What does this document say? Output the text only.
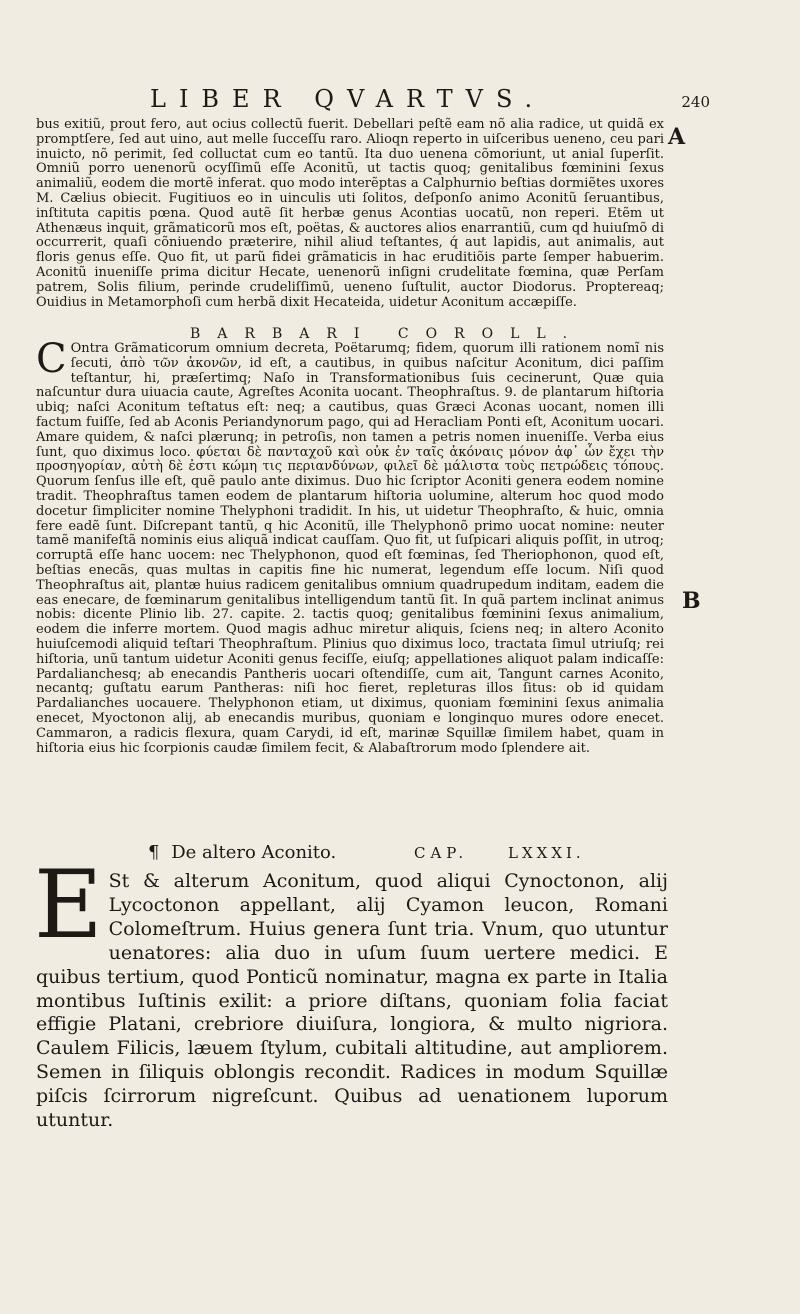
LIBER QVARTVS.	240
A
B

bus exitiũ, prout fero, aut ocius collectũ fuerit. Debellari peſtẽ eam nõ alia radice, ut quidã ex promptſere, ſed aut uino, aut melle ſucceſſu raro. Alioqn reperto in uiſceribus ueneno, ceu pari inuicto, nõ perimit, ſed colluctat cum eo tantũ. Ita duo uenena cõmoriunt, ut anial ſuperſit. Omniũ porro uenenorũ ocyſſimũ eſſe Aconitũ, ut tactis quoq; genitalibus fœminini ſexus animaliũ, eodem die mortẽ inferat. quo modo interẽptas a Calphurnio beſtias dormiẽtes uxores M. Cælius obiecit. Fugitiuos eo in uinculis uti ſolitos, deſponſo animo Aconitũ ſeruantibus, inſtituta capitis pœna. Quod autẽ ſit herbæ genus Acontias uocatũ, non reperi. Etẽm ut Athenæus inquit, grãmaticorũ mos eſt, poëtas, & auctores alios enarrantiũ, cum qd huiuſmõ di occurrerit, quaſi cõniuendo præterire, nihil aliud teſtantes, q́ aut lapidis, aut animalis, aut floris genus eſſe. Quo fit, ut parũ fidei grãmaticis in hac eruditiõis parte ſemper habuerim. Aconitũ inueniſſe prima dicitur Hecate, uenenorũ inſigni crudelitate fœmina, quæ Perſam patrem, Solis filium, perinde crudeliſſimũ, ueneno ſuſtulit, auctor Diodorus. Proptereaq; Ouidius in Metamorphoſi cum herbã dixit Hecateida, uidetur Aconitum accæpiſſe.

BARBARI COROLL.
C Ontra Grãmaticorum omnium decreta, Poëtarumq; fidem, quorum illi rationem nomĩ nis ſecuti, ἀπὸ τῶν ἀκονῶν, id eſt, a cautibus, in quibus naſcitur Aconitum, dici paſſim teſtantur, hi, præſertimq; Naſo in Transformationibus ſuis cecinerunt, Quæ quia naſcuntur dura uiuacia caute, Agreſtes Aconita uocant. Theophraſtus. 9. de plantarum hiſtoria ubiq; naſci Aconitum teſtatus eſt: neq; a cautibus, quas Græci Aconas uocant, nomen illi factum fuiſſe, ſed ab Aconis Periandynorum pago, qui ad Heracliam Ponti eſt, Aconitum uocari. Amare quidem, & naſci plærunq; in petroſis, non tamen a petris nomen inueniſſe. Verba eius ſunt, quo diximus loco. φύεται δὲ πανταχοῦ καὶ οὐκ ἐν ταῖς ἀκόναις μόνον ἀφ᾽ ὧν ἔχει τὴν προσηγορίαν, αὐτὴ δὲ ἐστι κώμη τις περιανδύνων, φιλεῖ δὲ μάλιστα τοὺς πετρώδεις τόπους. Quorum ſenſus ille eſt, quẽ paulo ante diximus. Duo hic ſcriptor Aconiti genera eodem nomine tradit. Theophraſtus tamen eodem de plantarum hiſtoria uolumine, alterum hoc quod modo docetur ſimpliciter nomine Thelyphoni tradidit. In his, ut uidetur Theophraſto, & huic, omnia fere eadẽ ſunt. Diſcrepant tantũ, q hic Aconitũ, ille Thelyphonõ primo uocat nomine: neuter tamẽ manifeſtã nominis eius aliquã indicat cauſſam. Quo fit, ut ſuſpicari aliquis poſſit, in utroq; corruptã eſſe hanc uocem: nec Thelyphonon, quod eſt fœminas, ſed Theriophonon, quod eſt, beſtias enecãs, quas multas in capitis fine hic numerat, legendum eſſe locum. Niſi quod Theophraſtus ait, plantæ huius radicem genitalibus omnium quadrupedum inditam, eadem die eas enecare, de fœminarum genitalibus intelligendum tantũ ſit. In quã partem inclinat animus nobis: dicente Plinio lib. 27. capite. 2. tactis quoq; genitalibus fœminini ſexus animalium, eodem die inferre mortem. Quod magis adhuc miretur aliquis, ſciens neq; in altero Aconito huiuſcemodi aliquid teſtari Theophraſtum. Plinius quo diximus loco, tractata ſimul utriuſq; rei hiſtoria, unũ tantum uidetur Aconiti genus feciſſe, eiuſq; appellationes aliquot palam indicaſſe: Pardalianchesq; ab enecandis Pantheris uocari oſtendiſſe, cum ait, Tangunt carnes Aconito, necantq; guſtatu earum Pantheras: niſi hoc fieret, repleturas illos ſitus: ob id quidam Pardalianches uocauere. Thelyphonon etiam, ut diximus, quoniam fœminini ſexus animalia enecet, Myoctonon alij, ab enecandis muribus, quoniam e longinquo mures odore enecet. Cammaron, a radicis flexura, quam Carydi, id eſt, marinæ Squillæ ſimilem habet, quam in hiſtoria eius hic ſcorpionis caudæ ſimilem fecit, & Alabaſtrorum modo ſplendere ait.

¶ De altero Aconito.	CAP.	LXXXI.
E St & alterum Aconitum, quod aliqui Cynoctonon, alij Lycoctonon appellant, alij Cyamon leucon, Romani Colomeſtrum. Huius genera ſunt tria. Vnum, quo utuntur uenatores: alia duo in uſum ſuum uertere medici. E quibus tertium, quod Ponticũ nominatur, magna ex parte in Italia montibus Iuſtinis exilit: a priore diſtans, quoniam folia faciat effigie Platani, crebriore diuiſura, longiora, & multo nigriora. Caulem Filicis, læuem ſtylum, cubitali altitudine, aut ampliorem. Semen in ſiliquis oblongis recondit. Radices in modum Squillæ piſcis ſcirrorum nigreſcunt. Quibus ad uenationem luporum utuntur.
